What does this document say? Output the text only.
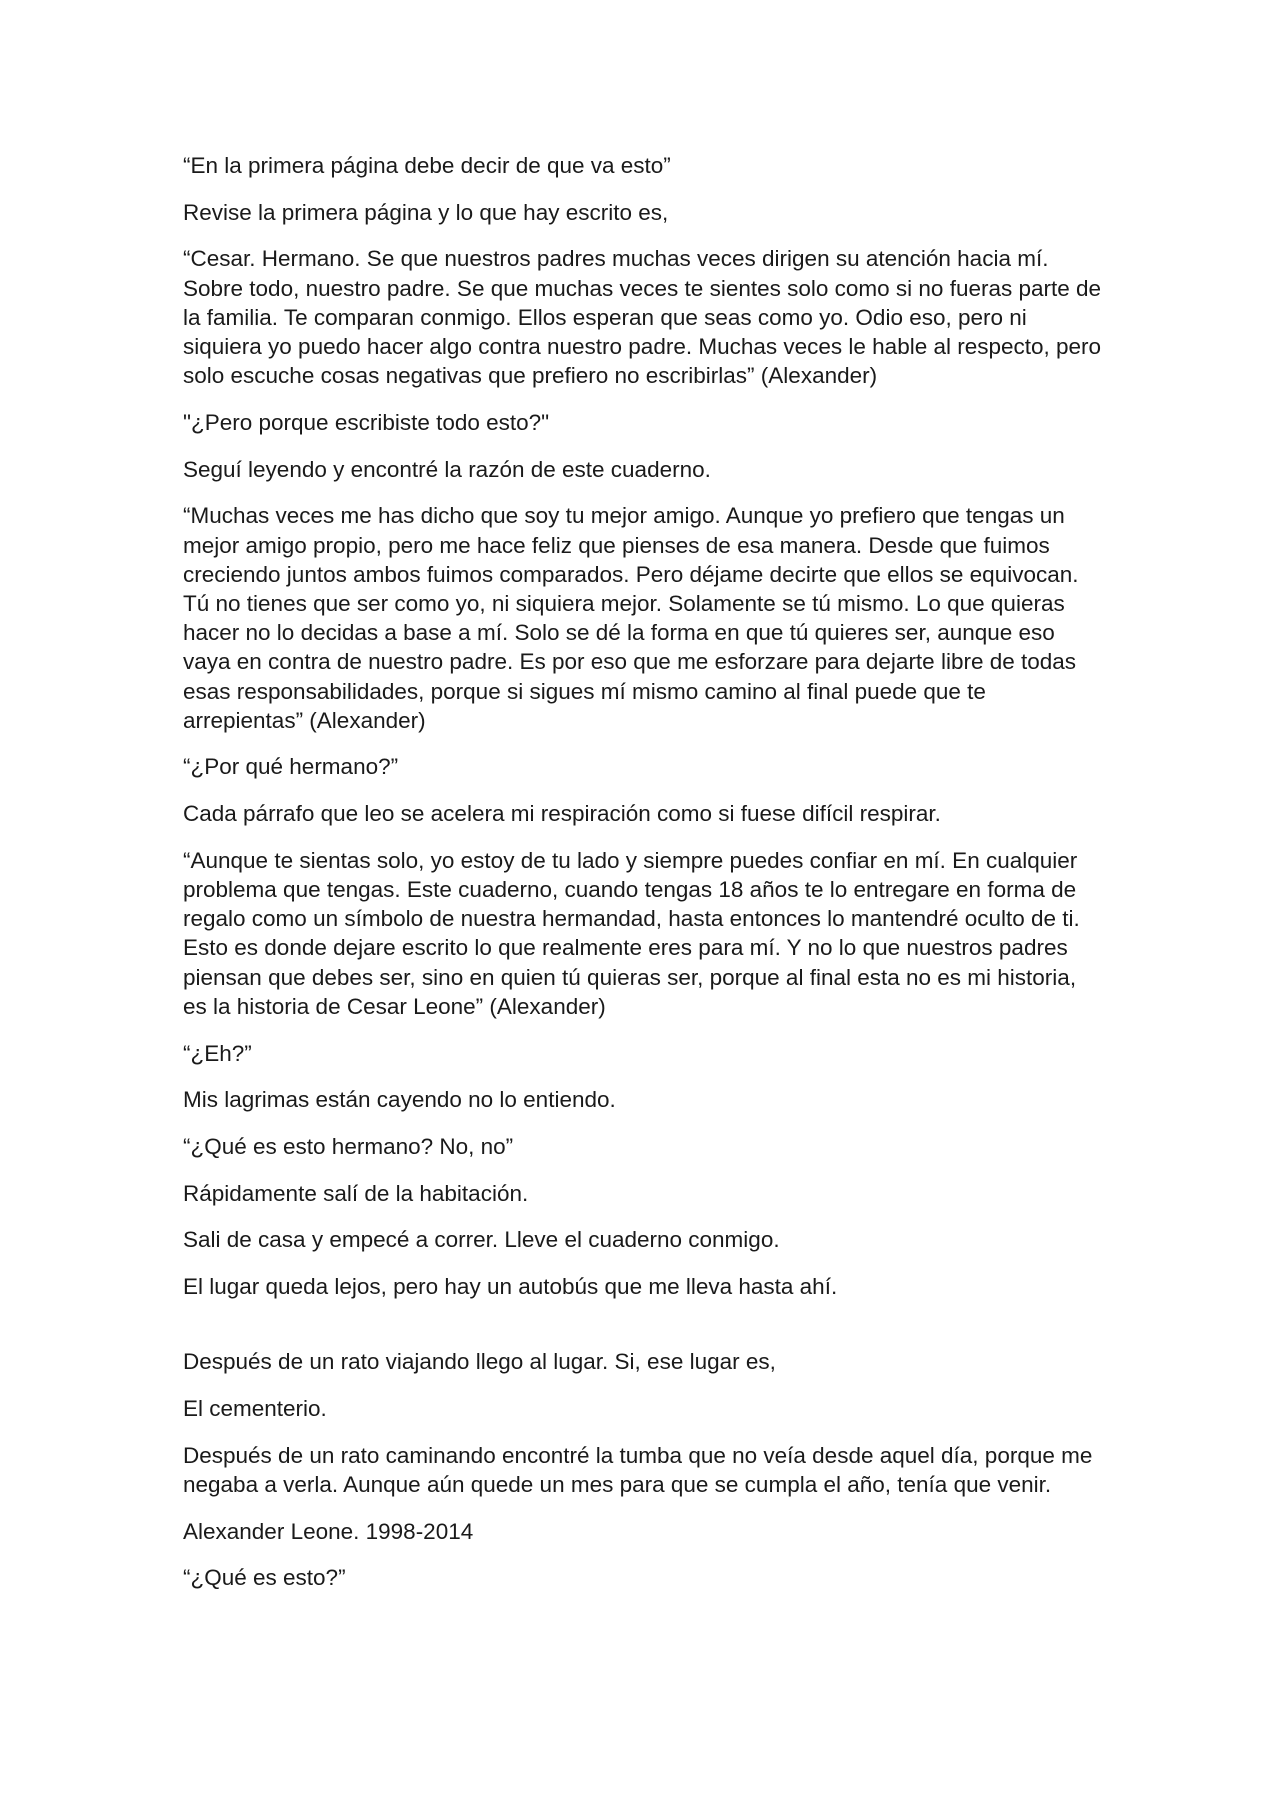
“En la primera página debe decir de que va esto”

Revise la primera página y lo que hay escrito es,

“Cesar. Hermano. Se que nuestros padres muchas veces dirigen su atención hacia mí. Sobre todo, nuestro padre. Se que muchas veces te sientes solo como si no fueras parte de la familia. Te comparan conmigo. Ellos esperan que seas como yo. Odio eso, pero ni siquiera yo puedo hacer algo contra nuestro padre. Muchas veces le hable al respecto, pero solo escuche cosas negativas que prefiero no escribirlas” (Alexander)

"¿Pero porque escribiste todo esto?"

Seguí leyendo y encontré la razón de este cuaderno.

“Muchas veces me has dicho que soy tu mejor amigo. Aunque yo prefiero que tengas un mejor amigo propio, pero me hace feliz que pienses de esa manera. Desde que fuimos creciendo juntos ambos fuimos comparados. Pero déjame decirte que ellos se equivocan. Tú no tienes que ser como yo, ni siquiera mejor. Solamente se tú mismo. Lo que quieras hacer no lo decidas a base a mí. Solo se dé la forma en que tú quieres ser, aunque eso vaya en contra de nuestro padre. Es por eso que me esforzare para dejarte libre de todas esas responsabilidades, porque si sigues mí mismo camino al final puede que te arrepientas” (Alexander)

“¿Por qué hermano?”

Cada párrafo que leo se acelera mi respiración como si fuese difícil respirar.

“Aunque te sientas solo, yo estoy de tu lado y siempre puedes confiar en mí. En cualquier problema que tengas. Este cuaderno, cuando tengas 18 años te lo entregare en forma de regalo como un símbolo de nuestra hermandad, hasta entonces lo mantendré oculto de ti. Esto es donde dejare escrito lo que realmente eres para mí. Y no lo que nuestros padres piensan que debes ser, sino en quien tú quieras ser, porque al final esta no es mi historia, es la historia de Cesar Leone” (Alexander)

“¿Eh?”

Mis lagrimas están cayendo no lo entiendo.

“¿Qué es esto hermano? No, no”

Rápidamente salí de la habitación.

Sali de casa y empecé a correr. Lleve el cuaderno conmigo.

El lugar queda lejos, pero hay un autobús que me lleva hasta ahí.

Después de un rato viajando llego al lugar. Si, ese lugar es,

El cementerio.

Después de un rato caminando encontré la tumba que no veía desde aquel día, porque me negaba a verla. Aunque aún quede un mes para que se cumpla el año, tenía que venir.

Alexander Leone. 1998-2014

“¿Qué es esto?”
